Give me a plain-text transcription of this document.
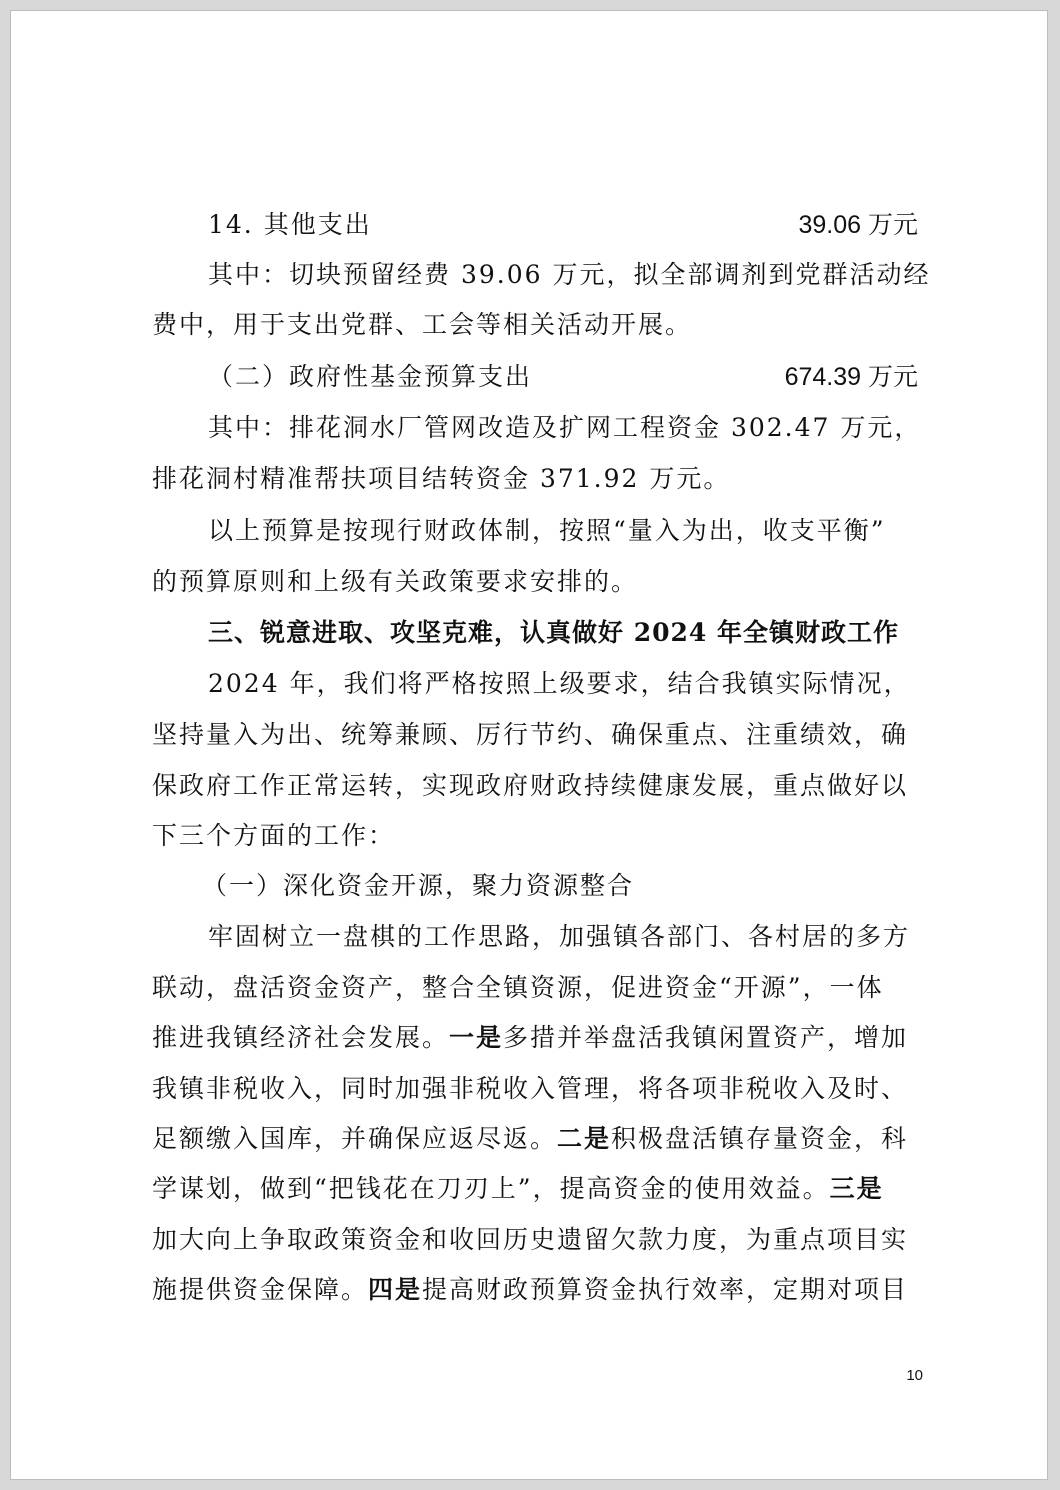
14. 其他支出	39.06 万元
其中：切块预留经费 39.06 万元，拟全部调剂到党群活动经
费中，用于支出党群、工会等相关活动开展。
（二）政府性基金预算支出	674.39 万元
其中：排花洞水厂管网改造及扩网工程资金 302.47 万元，
排花洞村精准帮扶项目结转资金 371.92 万元。
以上预算是按现行财政体制，按照“量入为出，收支平衡”
的预算原则和上级有关政策要求安排的。
三、锐意进取、攻坚克难，认真做好 2024 年全镇财政工作
2024 年，我们将严格按照上级要求，结合我镇实际情况，
坚持量入为出、统筹兼顾、厉行节约、确保重点、注重绩效，确
保政府工作正常运转，实现政府财政持续健康发展，重点做好以
下三个方面的工作：
（一）深化资金开源，聚力资源整合
牢固树立一盘棋的工作思路，加强镇各部门、各村居的多方
联动，盘活资金资产，整合全镇资源，促进资金“开源”，一体
推进我镇经济社会发展。一是多措并举盘活我镇闲置资产，增加
我镇非税收入，同时加强非税收入管理，将各项非税收入及时、
足额缴入国库，并确保应返尽返。二是积极盘活镇存量资金，科
学谋划，做到“把钱花在刀刃上”，提高资金的使用效益。三是
加大向上争取政策资金和收回历史遗留欠款力度，为重点项目实
施提供资金保障。四是提高财政预算资金执行效率，定期对项目
10
